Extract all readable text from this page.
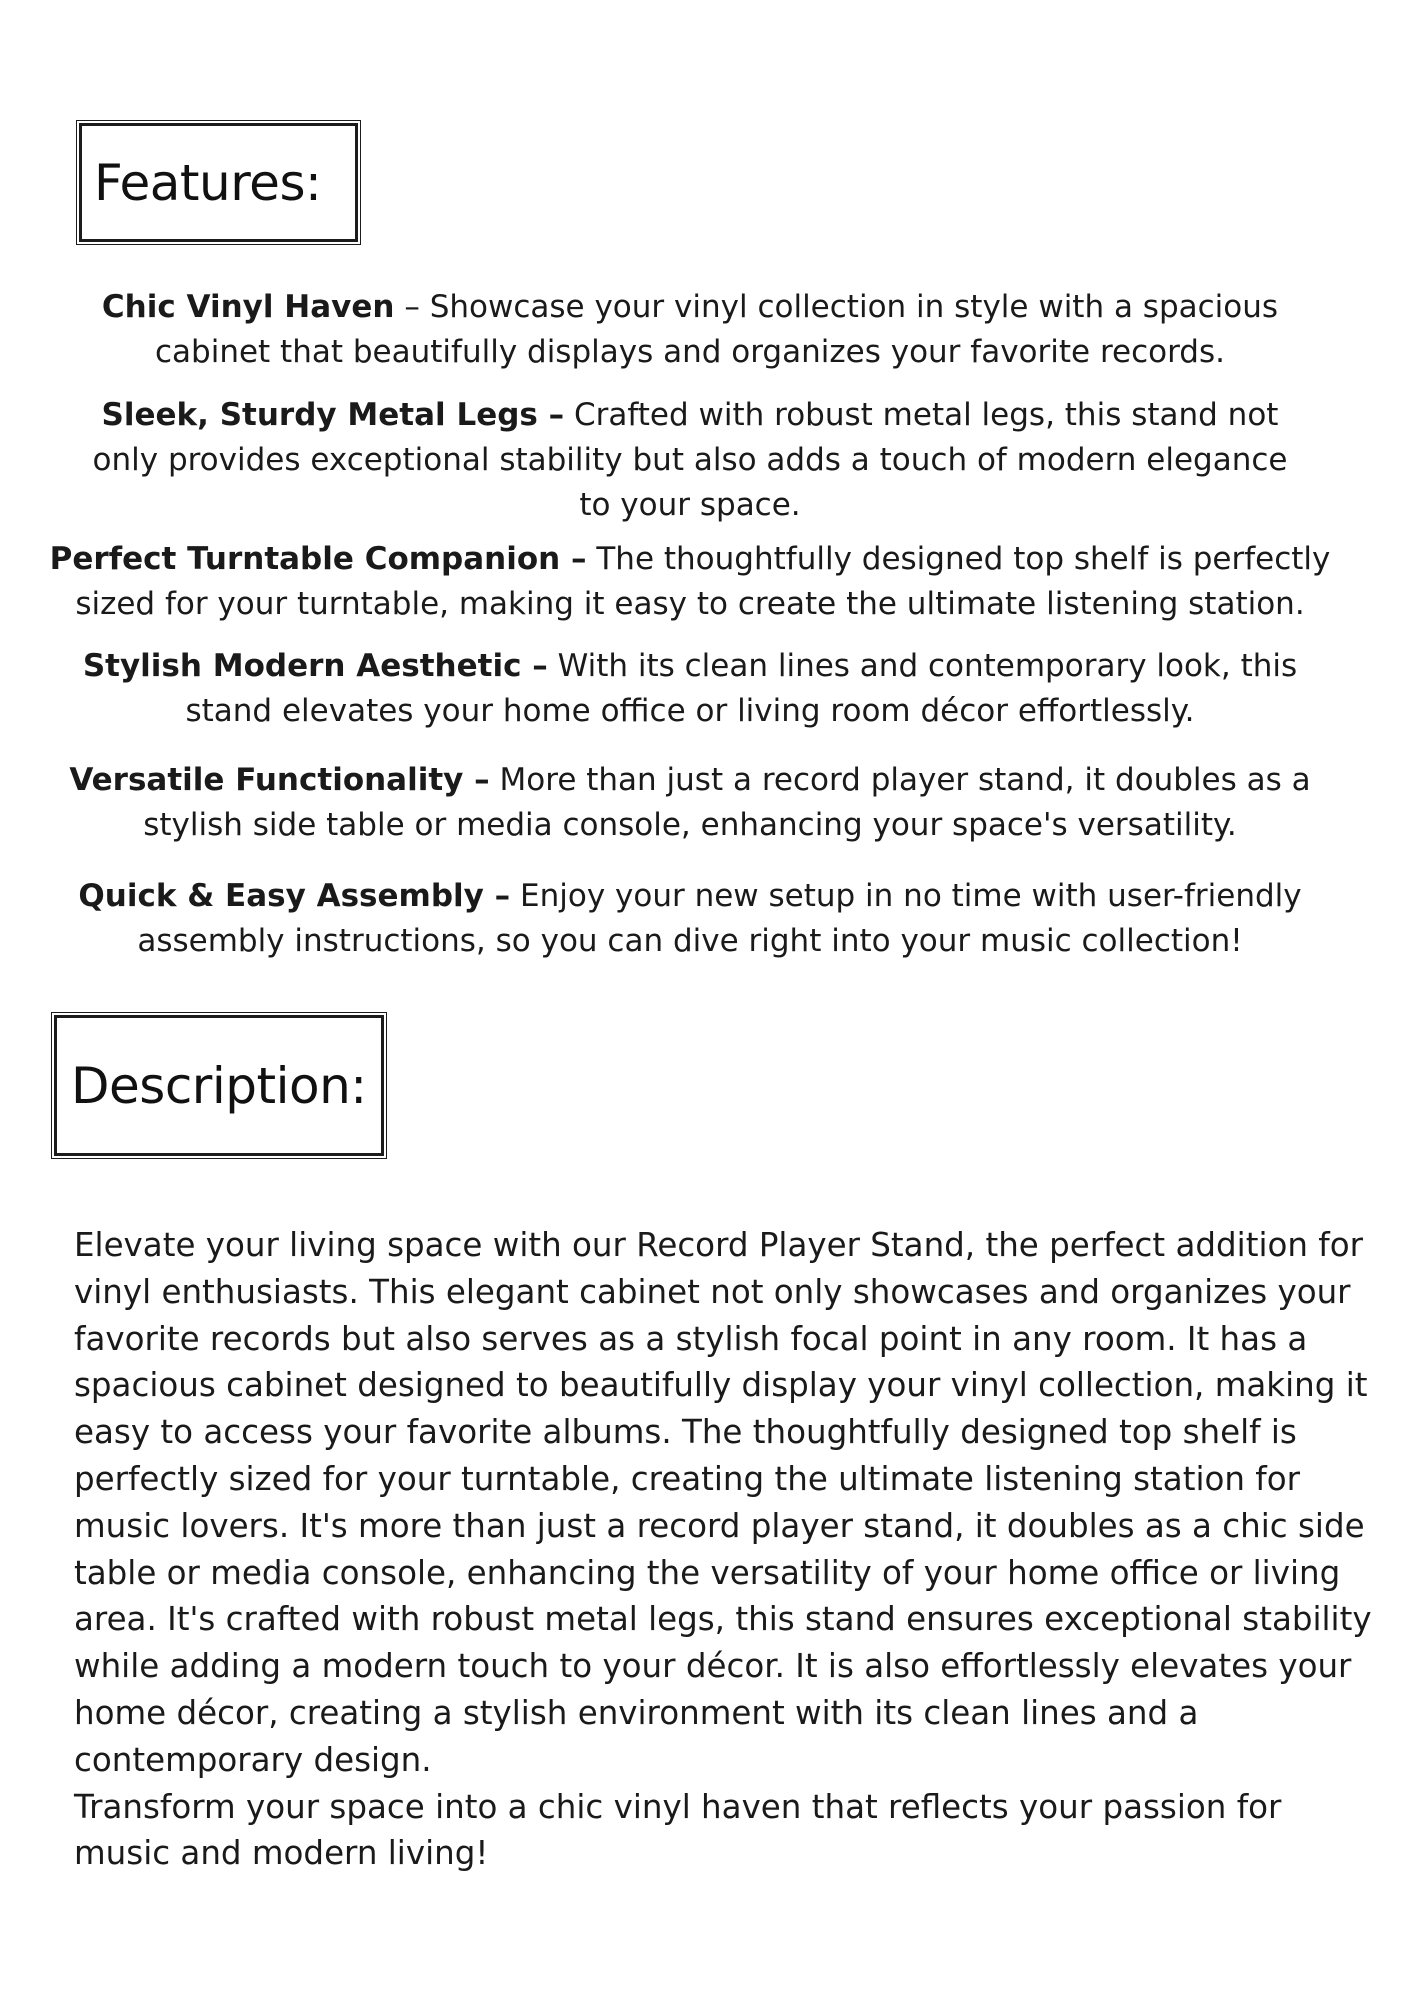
Features:

Chic Vinyl Haven – Showcase your vinyl collection in style with a spacious cabinet that beautifully displays and organizes your favorite records.

Sleek, Sturdy Metal Legs – Crafted with robust metal legs, this stand not only provides exceptional stability but also adds a touch of modern elegance to your space.

Perfect Turntable Companion – The thoughtfully designed top shelf is perfectly sized for your turntable, making it easy to create the ultimate listening station.

Stylish Modern Aesthetic – With its clean lines and contemporary look, this stand elevates your home office or living room décor effortlessly.

Versatile Functionality – More than just a record player stand, it doubles as a stylish side table or media console, enhancing your space's versatility.

Quick & Easy Assembly – Enjoy your new setup in no time with user-friendly assembly instructions, so you can dive right into your music collection!

Description:

Elevate your living space with our Record Player Stand, the perfect addition for vinyl enthusiasts. This elegant cabinet not only showcases and organizes your favorite records but also serves as a stylish focal point in any room. It has a spacious cabinet designed to beautifully display your vinyl collection, making it easy to access your favorite albums. The thoughtfully designed top shelf is perfectly sized for your turntable, creating the ultimate listening station for music lovers. It's more than just a record player stand, it doubles as a chic side table or media console, enhancing the versatility of your home office or living area. It's crafted with robust metal legs, this stand ensures exceptional stability while adding a modern touch to your décor. It is also effortlessly elevates your home décor, creating a stylish environment with its clean lines and a contemporary design.

Transform your space into a chic vinyl haven that reflects your passion for music and modern living!
